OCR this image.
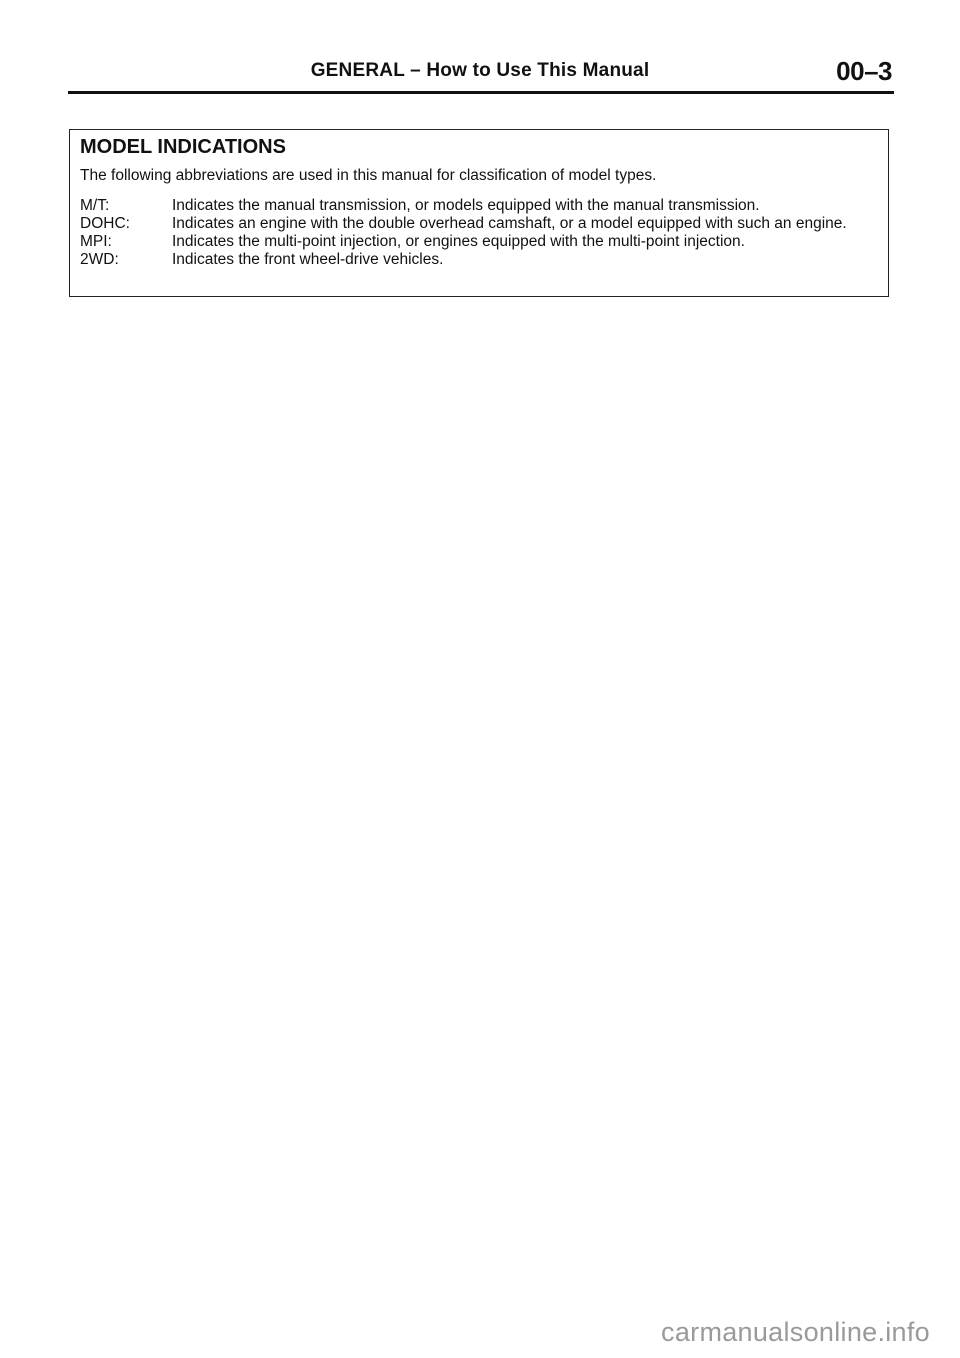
GENERAL – How to Use This Manual	00–3
MODEL INDICATIONS
The following abbreviations are used in this manual for classification of model types.
M/T:	Indicates the manual transmission, or models equipped with the manual transmission.
DOHC:	Indicates an engine with the double overhead camshaft, or a model equipped with such an engine.
MPI:	Indicates the multi-point injection, or engines equipped with the multi-point injection.
2WD:	Indicates the front wheel-drive vehicles.
carmanualsonline.info
